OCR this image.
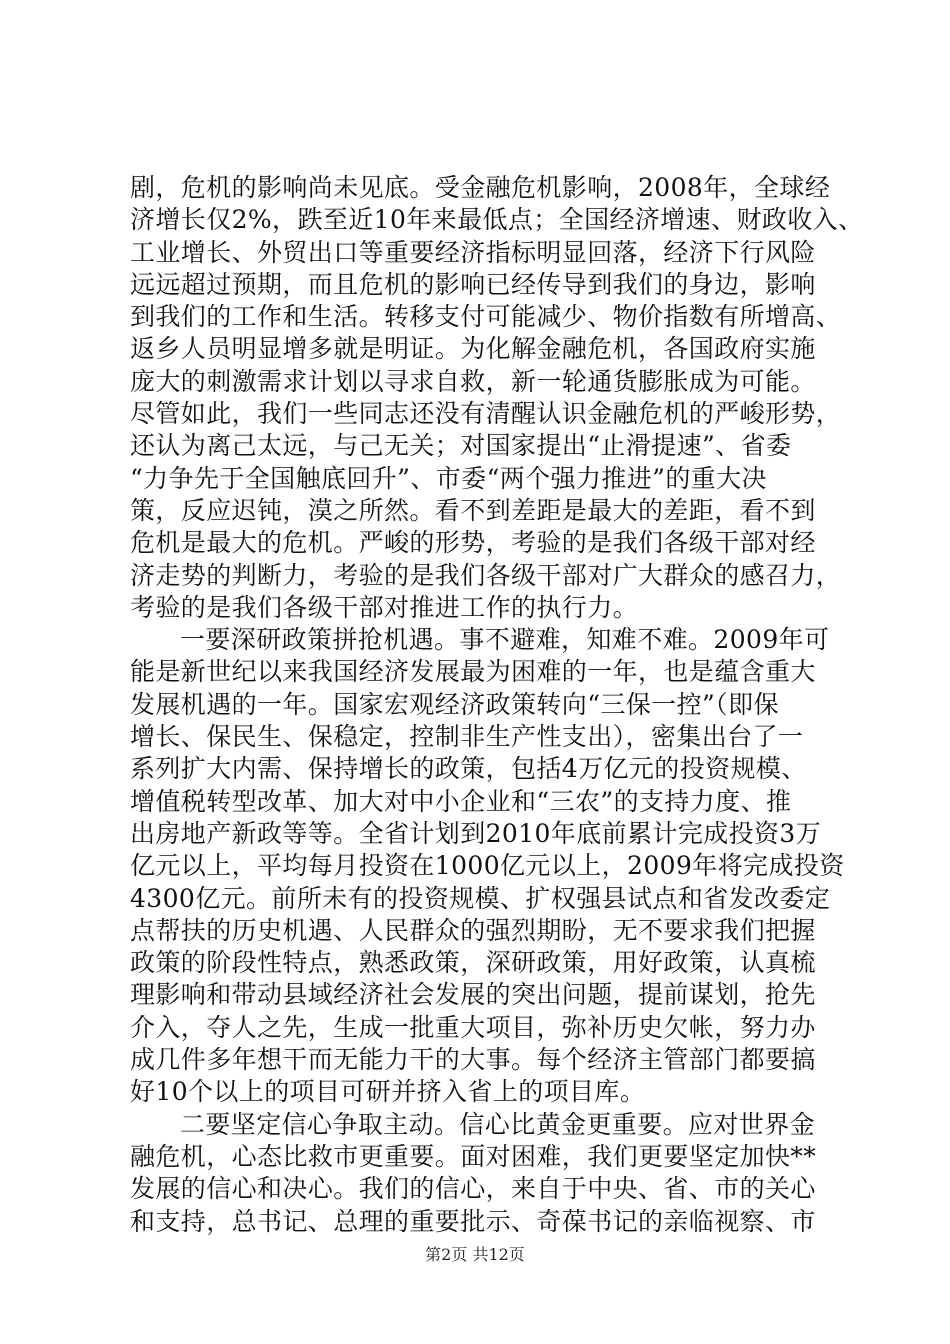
剧，危机的影响尚未见底。受金融危机影响，2008年，全球经
济增长仅2%，跌至近10年来最低点；全国经济增速、财政收入、
工业增长、外贸出口等重要经济指标明显回落，经济下行风险
远远超过预期，而且危机的影响已经传导到我们的身边，影响
到我们的工作和生活。转移支付可能减少、物价指数有所增高、
返乡人员明显增多就是明证。为化解金融危机，各国政府实施
庞大的刺激需求计划以寻求自救，新一轮通货膨胀成为可能。
尽管如此，我们一些同志还没有清醒认识金融危机的严峻形势，
还认为离己太远，与己无关；对国家提出“止滑提速”、省委
“力争先于全国触底回升”、市委“两个强力推进”的重大决
策，反应迟钝，漠之所然。看不到差距是最大的差距，看不到
危机是最大的危机。严峻的形势，考验的是我们各级干部对经
济走势的判断力，考验的是我们各级干部对广大群众的感召力，
考验的是我们各级干部对推进工作的执行力。
一要深研政策拼抢机遇。事不避难，知难不难。2009年可
能是新世纪以来我国经济发展最为困难的一年，也是蕴含重大
发展机遇的一年。国家宏观经济政策转向“三保一控”（即保
增长、保民生、保稳定，控制非生产性支出），密集出台了一
系列扩大内需、保持增长的政策，包括4万亿元的投资规模、
增值税转型改革、加大对中小企业和“三农”的支持力度、推
出房地产新政等等。全省计划到2010年底前累计完成投资3万
亿元以上，平均每月投资在1000亿元以上，2009年将完成投资
4300亿元。前所未有的投资规模、扩权强县试点和省发改委定
点帮扶的历史机遇、人民群众的强烈期盼，无不要求我们把握
政策的阶段性特点，熟悉政策，深研政策，用好政策，认真梳
理影响和带动县域经济社会发展的突出问题，提前谋划，抢先
介入，夺人之先，生成一批重大项目，弥补历史欠帐，努力办
成几件多年想干而无能力干的大事。每个经济主管部门都要搞
好10个以上的项目可研并挤入省上的项目库。
二要坚定信心争取主动。信心比黄金更重要。应对世界金
融危机，心态比救市更重要。面对困难，我们更要坚定加快**
发展的信心和决心。我们的信心，来自于中央、省、市的关心
和支持，总书记、总理的重要批示、奇葆书记的亲临视察、市
第2页 共12页
